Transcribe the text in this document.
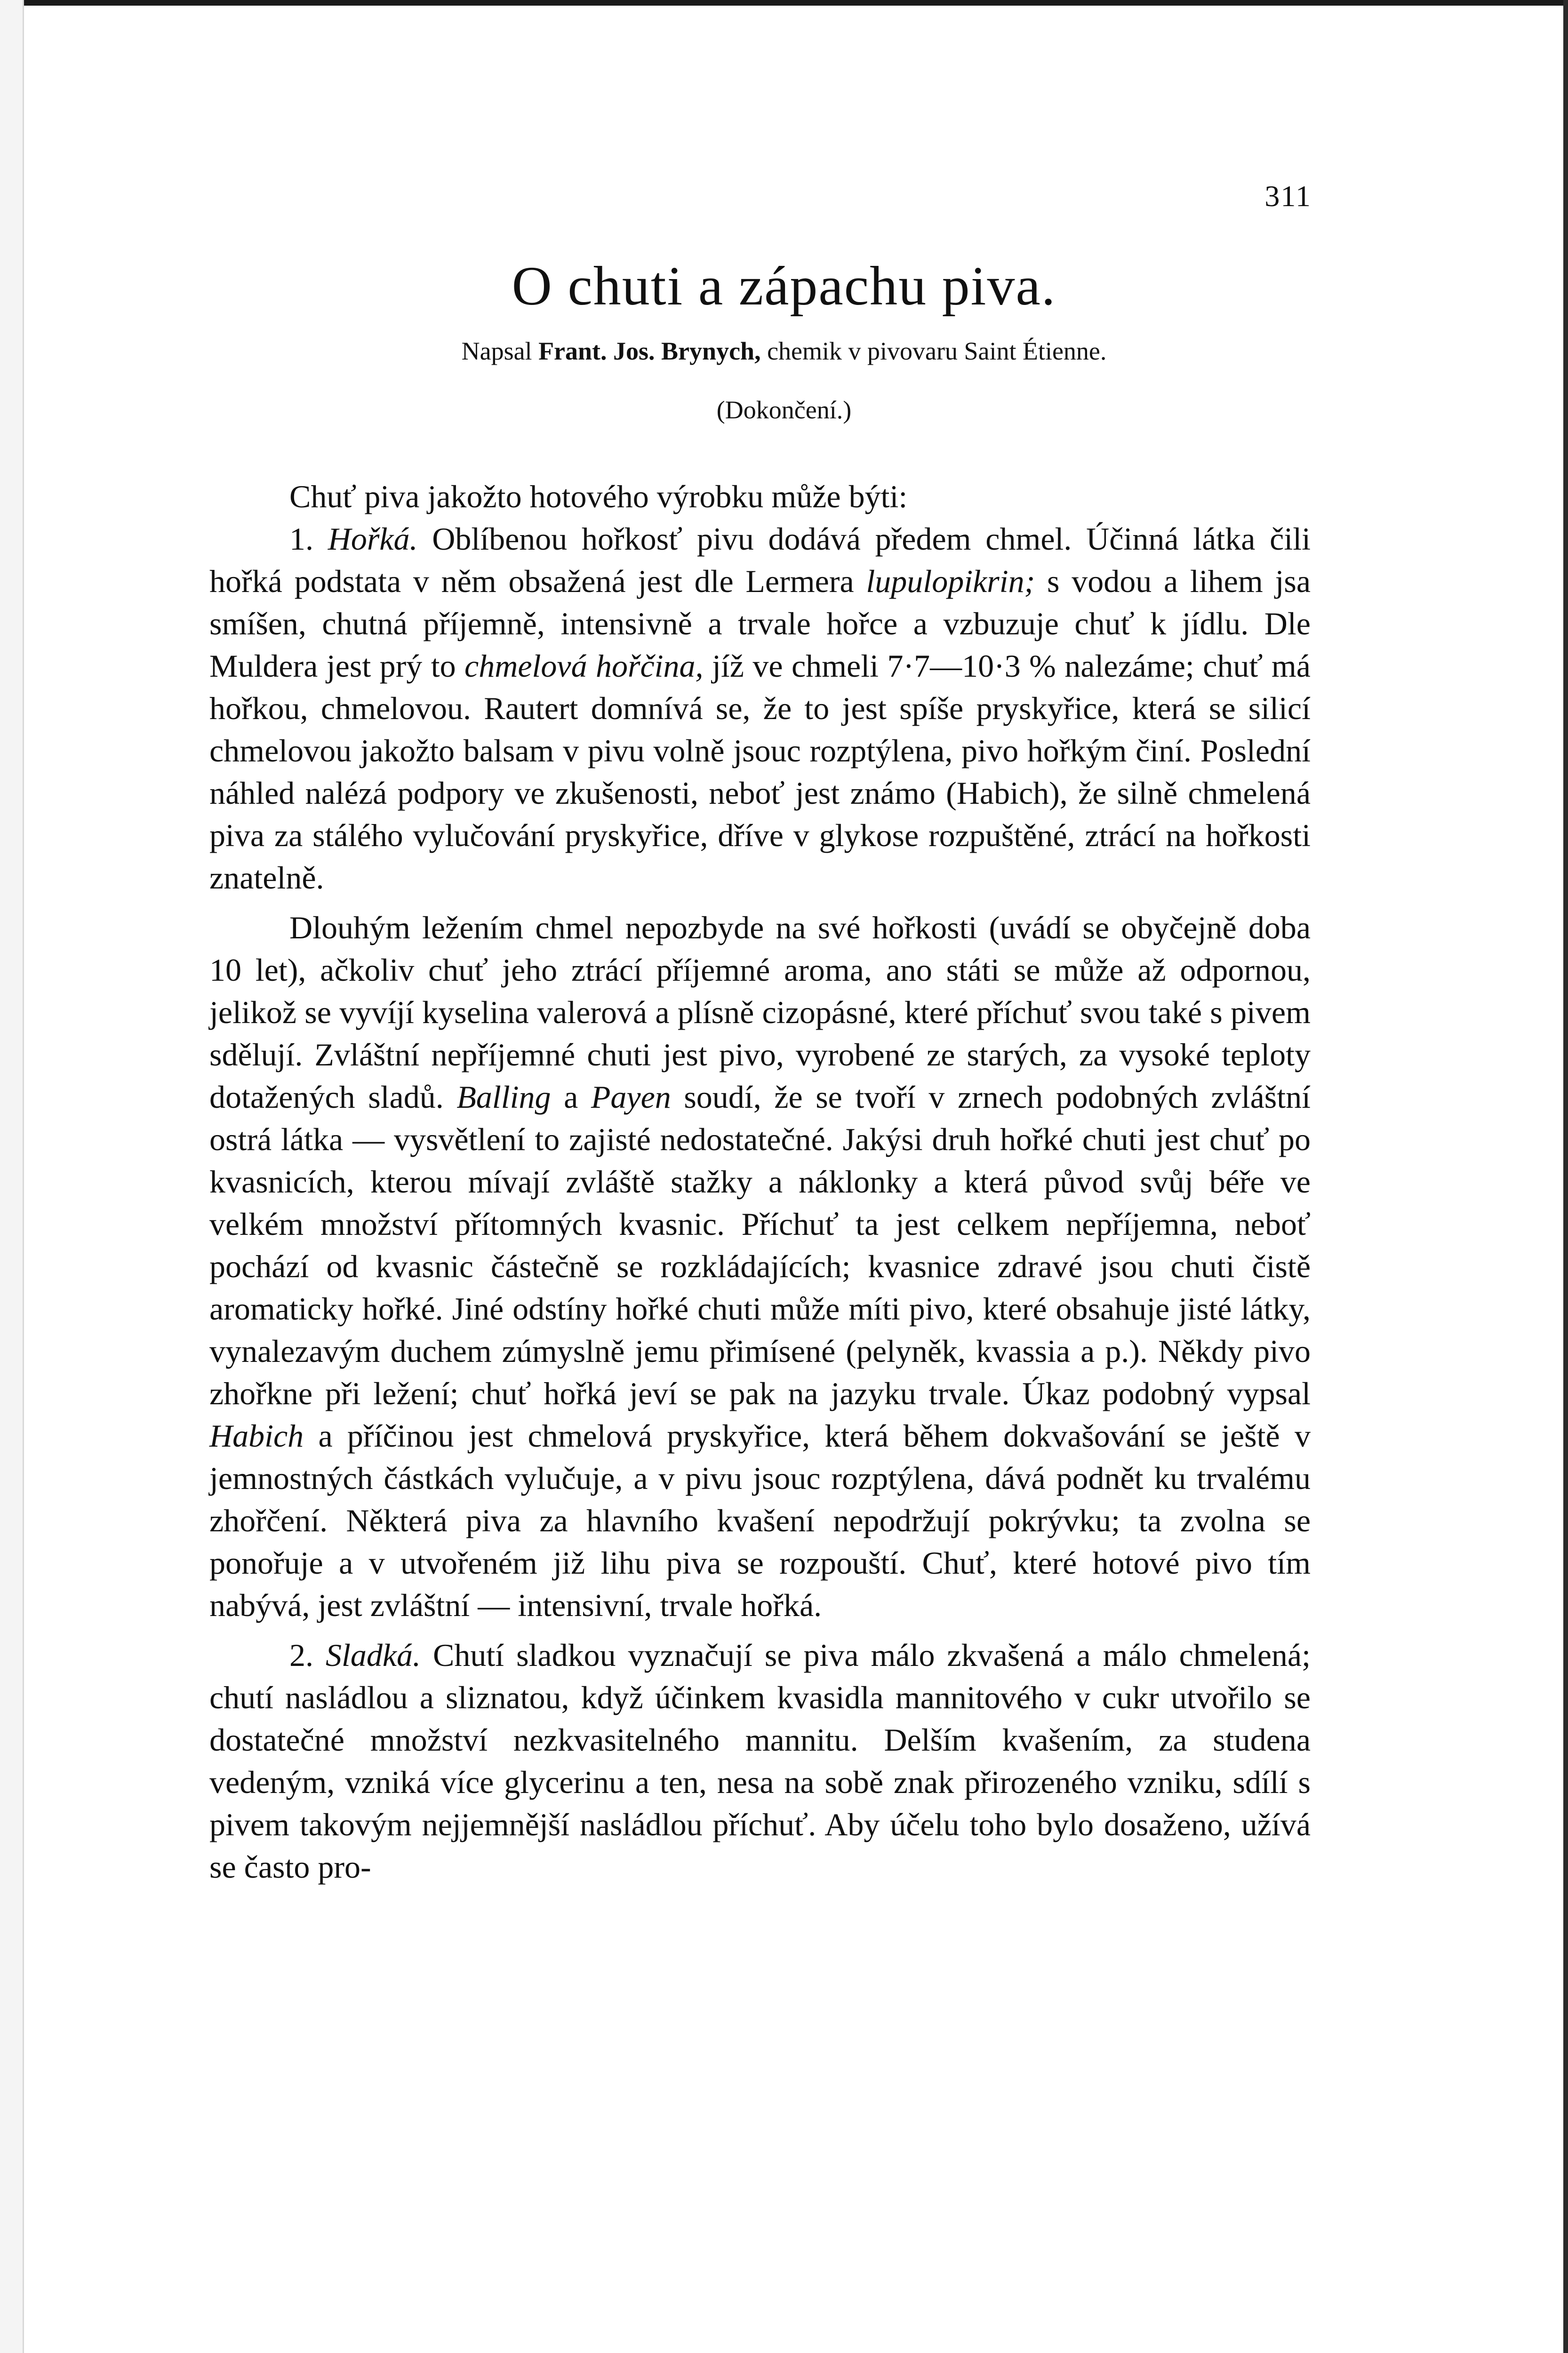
311
O chuti a zápachu piva.
Napsal Frant. Jos. Brynych, chemik v pivovaru Saint Étienne.
(Dokončení.)

Chuť piva jakožto hotového výrobku může býti:

1. Hořká. Oblíbenou hořkosť pivu dodává předem chmel. Účinná látka čili hořká podstata v něm obsažená jest dle Lermera lupulopikrin; s vodou a lihem jsa smíšen, chutná příjemně, intensivně a trvale hořce a vzbuzuje chuť k jídlu. Dle Muldera jest prý to chmelová hořčina, jíž ve chmeli 7·7—10·3 % nalezáme; chuť má hořkou, chmelovou. Rautert domnívá se, že to jest spíše pryskyřice, která se silicí chmelovou jakožto balsam v pivu volně jsouc rozptýlena, pivo hořkým činí. Poslední náhled nalézá podpory ve zkušenosti, neboť jest známo (Habich), že silně chmelená piva za stálého vylučování pryskyřice, dříve v glykose rozpuštěné, ztrácí na hořkosti znatelně.

Dlouhým ležením chmel nepozbyde na své hořkosti (uvádí se obyčejně doba 10 let), ačkoliv chuť jeho ztrácí příjemné aroma, ano státi se může až odpornou, jelikož se vyvíjí kyselina valerová a plísně cizopásné, které příchuť svou také s pivem sdělují. Zvláštní nepříjemné chuti jest pivo, vyrobené ze starých, za vysoké teploty dotažených sladů. Balling a Payen soudí, že se tvoří v zrnech podobných zvláštní ostrá látka — vysvětlení to zajisté nedostatečné. Jakýsi druh hořké chuti jest chuť po kvasnicích, kterou mívají zvláště stažky a náklonky a která původ svůj béře ve velkém množství přítomných kvasnic. Příchuť ta jest celkem nepříjemna, neboť pochází od kvasnic částečně se rozkládajících; kvasnice zdravé jsou chuti čistě aromaticky hořké. Jiné odstíny hořké chuti může míti pivo, které obsahuje jisté látky, vynalezavým duchem zúmyslně jemu přimísené (pelyněk, kvassia a p.). Někdy pivo zhořkne při ležení; chuť hořká jeví se pak na jazyku trvale. Úkaz podobný vypsal Habich a příčinou jest chmelová pryskyřice, která během dokvašování se ještě v jemnostných částkách vylučuje, a v pivu jsouc rozptýlena, dává podnět ku trvalému zhořčení. Některá piva za hlavního kvašení nepodržují pokrývku; ta zvolna se ponořuje a v utvořeném již lihu piva se rozpouští. Chuť, které hotové pivo tím nabývá, jest zvláštní — intensivní, trvale hořká.

2. Sladká. Chutí sladkou vyznačují se piva málo zkvašená a málo chmelená; chutí nasládlou a sliznatou, když účinkem kvasidla mannitového v cukr utvořilo se dostatečné množství nezkvasitelného mannitu. Delším kvašením, za studena vedeným, vzniká více glycerinu a ten, nesa na sobě znak přirozeného vzniku, sdílí s pivem takovým nejjemnější nasládlou příchuť. Aby účelu toho bylo dosaženo, užívá se často pro-
